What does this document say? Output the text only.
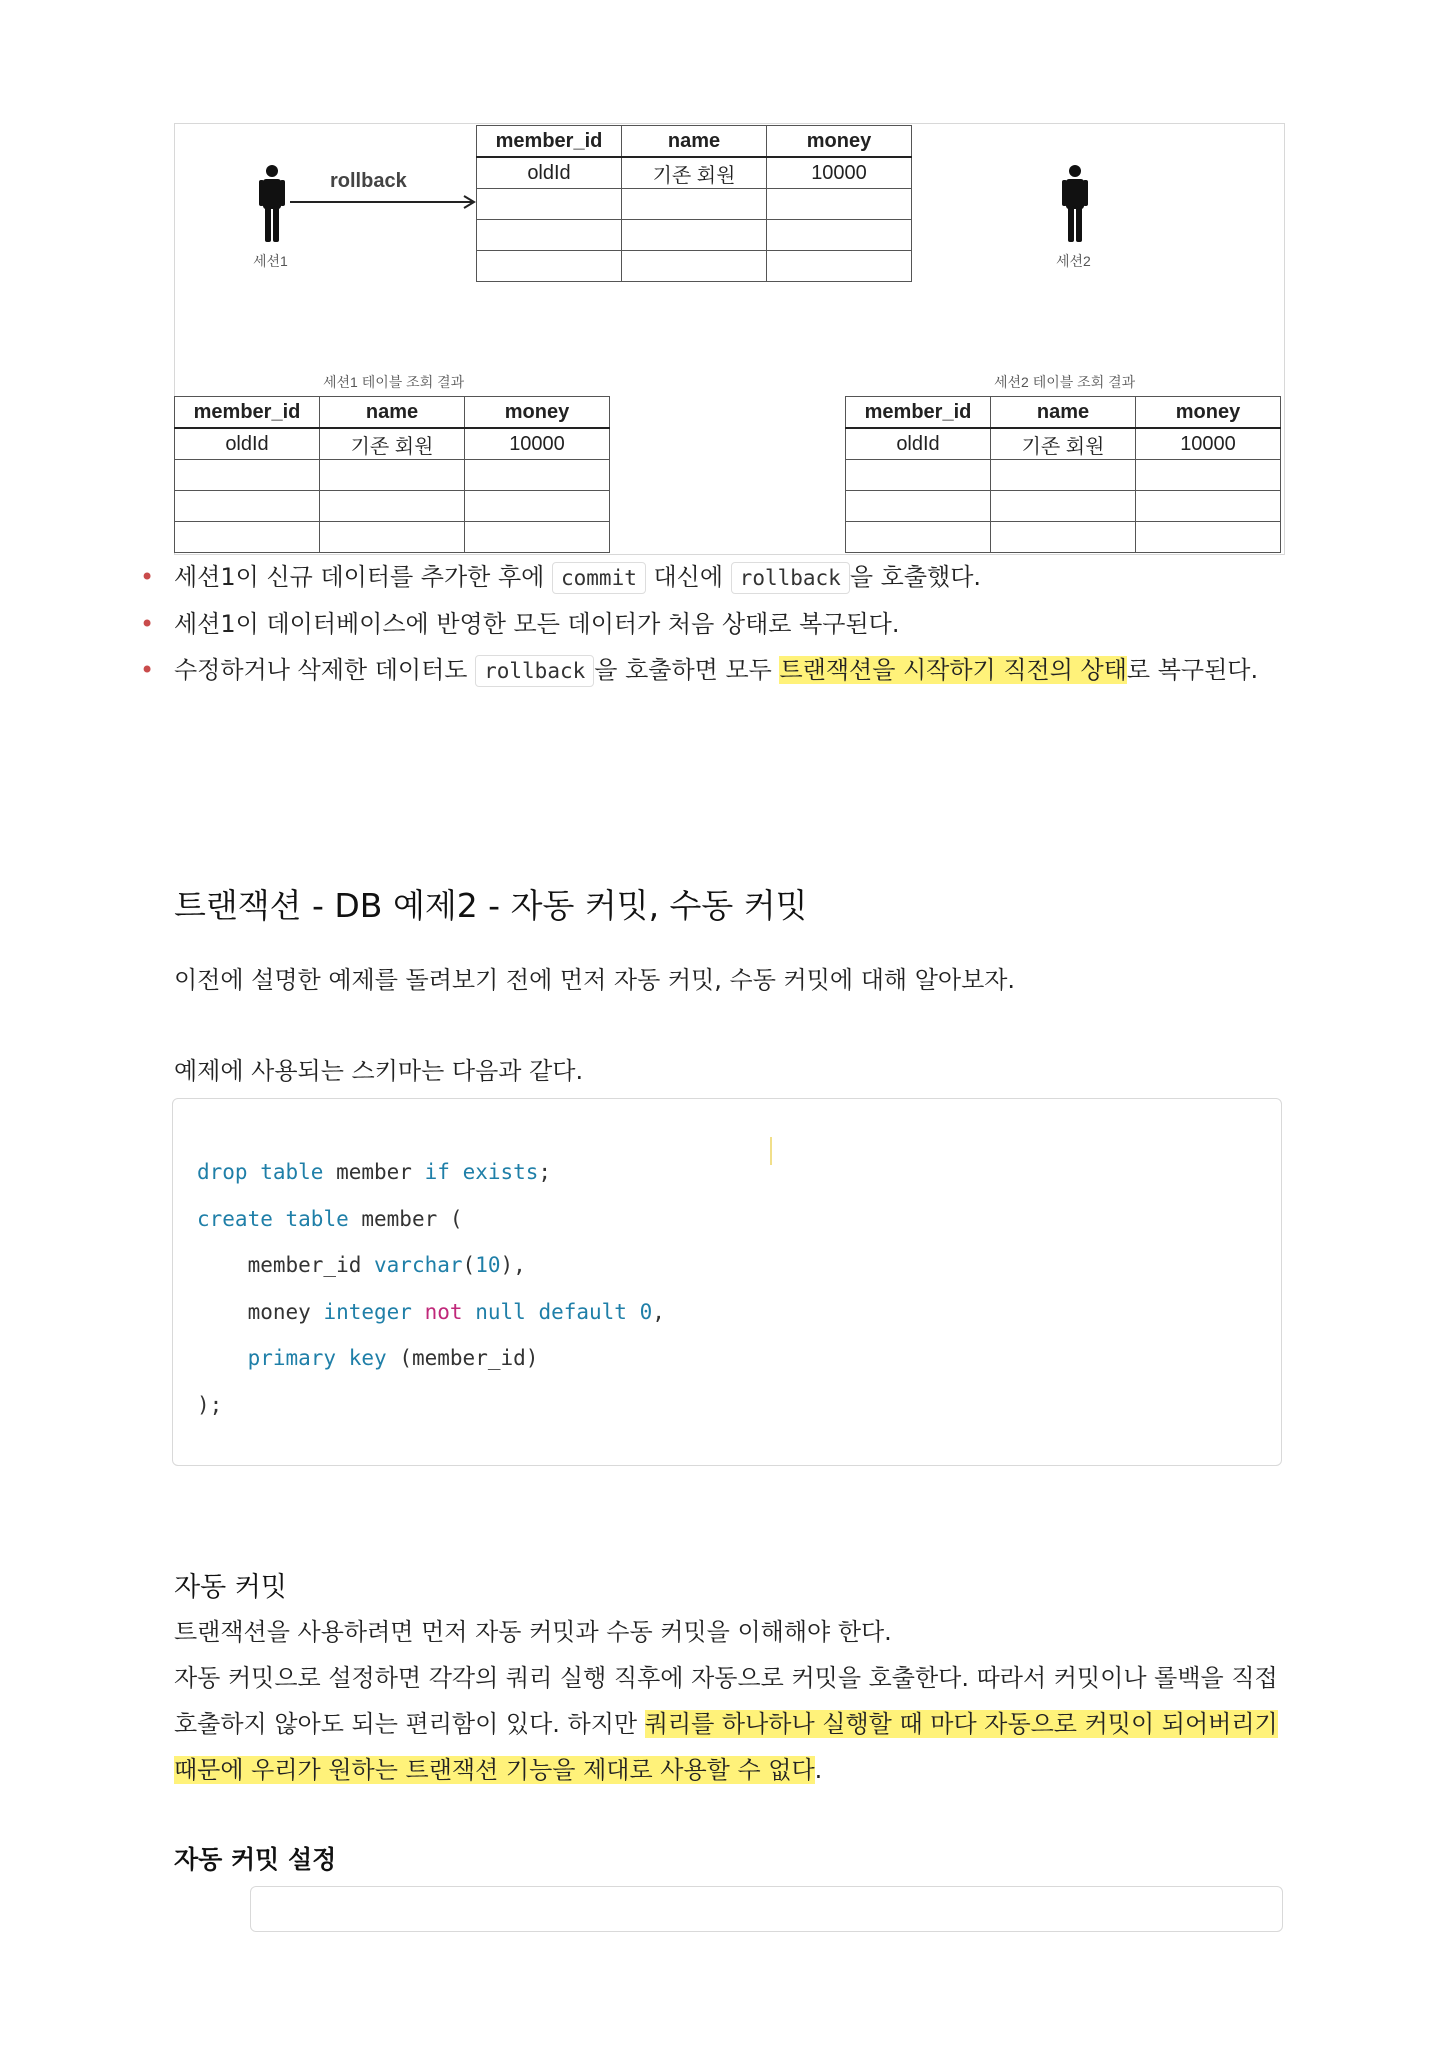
member_id	name	money
oldId	기존 회원	10000

세션1
rollback
세션2
세션1 테이블 조회 결과	세션2 테이블 조회 결과
member_id	name	money
oldId	기존 회원	10000

member_id	name	money
oldId	기존 회원	10000

• 세션1이 신규 데이터를 추가한 후에 commit 대신에 rollback 을 호출했다.
• 세션1이 데이터베이스에 반영한 모든 데이터가 처음 상태로 복구된다.
• 수정하거나 삭제한 데이터도 rollback 을 호출하면 모두 트랜잭션을 시작하기 직전의 상태로 복구된다.
트랜잭션 - DB 예제2 - 자동 커밋, 수동 커밋

이전에 설명한 예제를 돌려보기 전에 먼저 자동 커밋, 수동 커밋에 대해 알아보자.

예제에 사용되는 스키마는 다음과 같다.

drop table member if exists;
create table member (
member_id varchar(10),
money integer not null default 0,
primary key (member_id)
);
자동 커밋

트랜잭션을 사용하려면 먼저 자동 커밋과 수동 커밋을 이해해야 한다.

자동 커밋으로 설정하면 각각의 쿼리 실행 직후에 자동으로 커밋을 호출한다. 따라서 커밋이나 롤백을 직접

호출하지 않아도 되는 편리함이 있다. 하지만 쿼리를 하나하나 실행할 때 마다 자동으로 커밋이 되어버리기

때문에 우리가 원하는 트랜잭션 기능을 제대로 사용할 수 없다.

자동 커밋 설정
